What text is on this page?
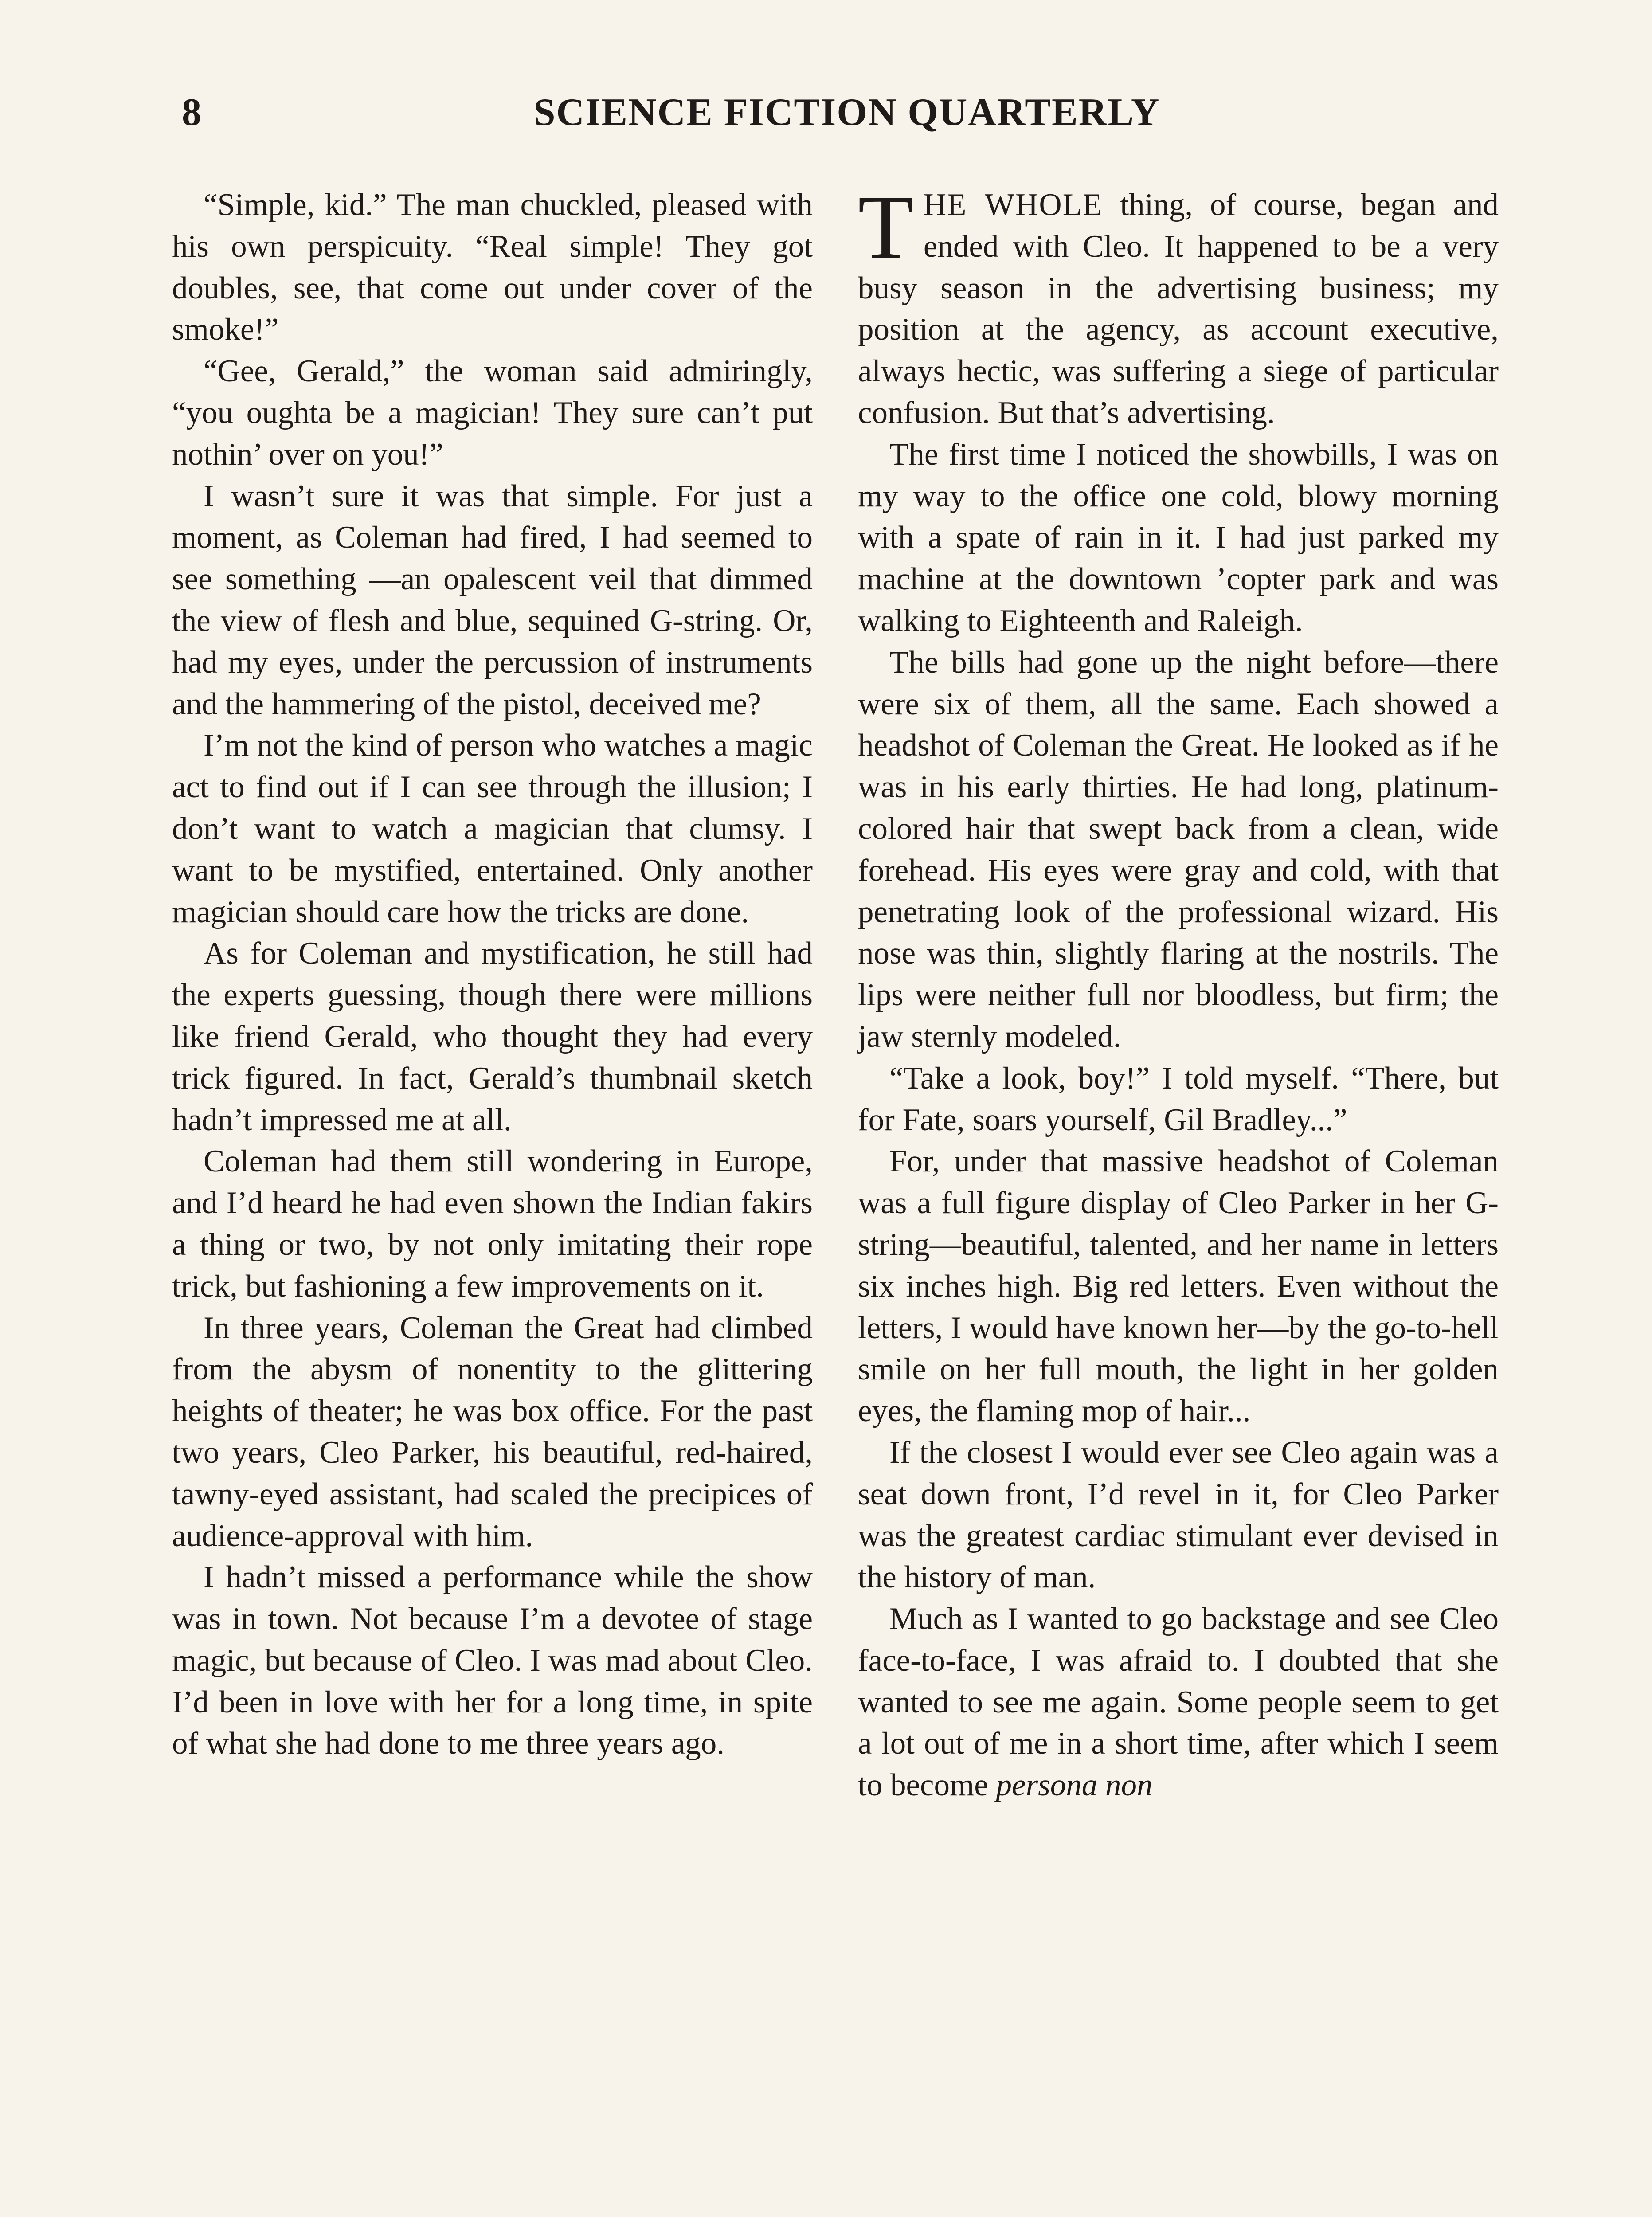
8	SCIENCE FICTION QUARTERLY

“Simple, kid.” The man chuckled, pleased with his own perspicuity. “Real simple! They got doubles, see, that come out under cover of the smoke!”

“Gee, Gerald,” the woman said admiringly, “you oughta be a magician! They sure can’t put nothin’ over on you!”

I wasn’t sure it was that simple. For just a moment, as Coleman had fired, I had seemed to see something —an opalescent veil that dimmed the view of flesh and blue, sequined G-string. Or, had my eyes, under the percussion of instruments and the hammering of the pistol, deceived me?

I’m not the kind of person who watches a magic act to find out if I can see through the illusion; I don’t want to watch a magician that clumsy. I want to be mystified, entertained. Only another magician should care how the tricks are done.

As for Coleman and mystification, he still had the experts guessing, though there were millions like friend Gerald, who thought they had every trick figured. In fact, Gerald’s thumbnail sketch hadn’t impressed me at all.

Coleman had them still wondering in Europe, and I’d heard he had even shown the Indian fakirs a thing or two, by not only imitating their rope trick, but fashioning a few improvements on it.

In three years, Coleman the Great had climbed from the abysm of nonentity to the glittering heights of theater; he was box office. For the past two years, Cleo Parker, his beautiful, red-haired, tawny-eyed assistant, had scaled the precipices of audience-approval with him.

I hadn’t missed a performance while the show was in town. Not because I’m a devotee of stage magic, but because of Cleo. I was mad about Cleo. I’d been in love with her for a long time, in spite of what she had done to me three years ago.

THE WHOLE thing, of course, began and ended with Cleo. It happened to be a very busy season in the advertising business; my position at the agency, as account executive, always hectic, was suffering a siege of particular confusion. But that’s advertising.

The first time I noticed the showbills, I was on my way to the office one cold, blowy morning with a spate of rain in it. I had just parked my machine at the downtown ’copter park and was walking to Eighteenth and Raleigh.

The bills had gone up the night before—there were six of them, all the same. Each showed a headshot of Coleman the Great. He looked as if he was in his early thirties. He had long, platinum-colored hair that swept back from a clean, wide forehead. His eyes were gray and cold, with that penetrating look of the professional wizard. His nose was thin, slightly flaring at the nostrils. The lips were neither full nor bloodless, but firm; the jaw sternly modeled.

“Take a look, boy!” I told myself. “There, but for Fate, soars yourself, Gil Bradley...”

For, under that massive headshot of Coleman was a full figure display of Cleo Parker in her G-string—beautiful, talented, and her name in letters six inches high. Big red letters. Even without the letters, I would have known her—by the go-to-hell smile on her full mouth, the light in her golden eyes, the flaming mop of hair...

If the closest I would ever see Cleo again was a seat down front, I’d revel in it, for Cleo Parker was the greatest cardiac stimulant ever devised in the history of man.

Much as I wanted to go backstage and see Cleo face-to-face, I was afraid to. I doubted that she wanted to see me again. Some people seem to get a lot out of me in a short time, after which I seem to become persona non
